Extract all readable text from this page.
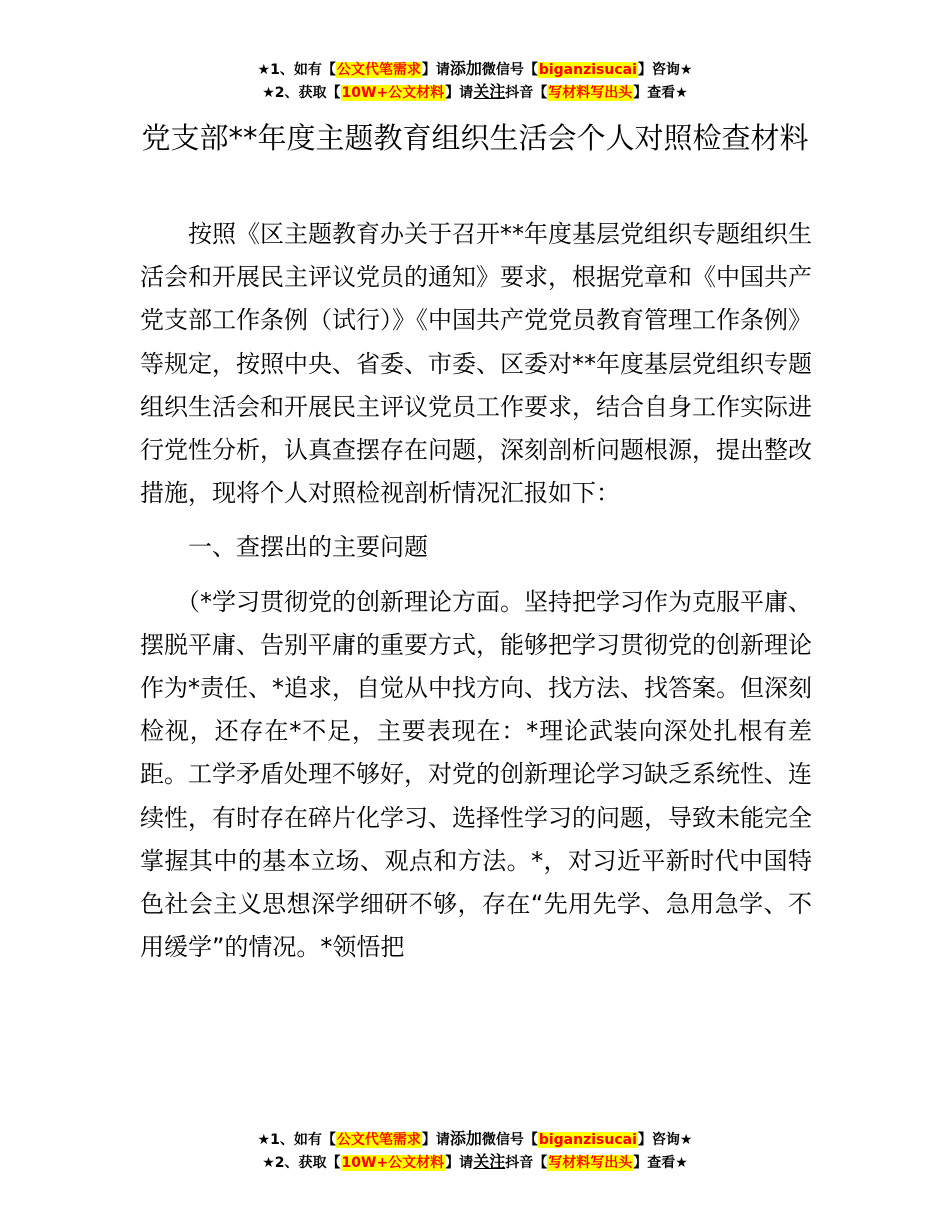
★1、如有【公文代笔需求】请添加微信号【biganzisucai】咨询★
★2、获取【10W+公文材料】请关注抖音【写材料写出头】查看★
党支部**年度主题教育组织生活会个人对照检查材料

按照《区主题教育办关于召开**年度基层党组织专题组织生活会和开展民主评议党员的通知》要求，根据党章和《中国共产党支部工作条例（试行）》《中国共产党党员教育管理工作条例》等规定，按照中央、省委、市委、区委对**年度基层党组织专题组织生活会和开展民主评议党员工作要求，结合自身工作实际进行党性分析，认真查摆存在问题，深刻剖析问题根源，提出整改措施，现将个人对照检视剖析情况汇报如下：

一、查摆出的主要问题

（*学习贯彻党的创新理论方面。坚持把学习作为克服平庸、摆脱平庸、告别平庸的重要方式，能够把学习贯彻党的创新理论作为*责任、*追求，自觉从中找方向、找方法、找答案。但深刻检视，还存在*不足，主要表现在：*理论武装向深处扎根有差距。工学矛盾处理不够好，对党的创新理论学习缺乏系统性、连续性，有时存在碎片化学习、选择性学习的问题，导致未能完全掌握其中的基本立场、观点和方法。*，对习近平新时代中国特色社会主义思想深学细研不够，存在“先用先学、急用急学、不用缓学”的情况。*领悟把

★1、如有【公文代笔需求】请添加微信号【biganzisucai】咨询★
★2、获取【10W+公文材料】请关注抖音【写材料写出头】查看★
